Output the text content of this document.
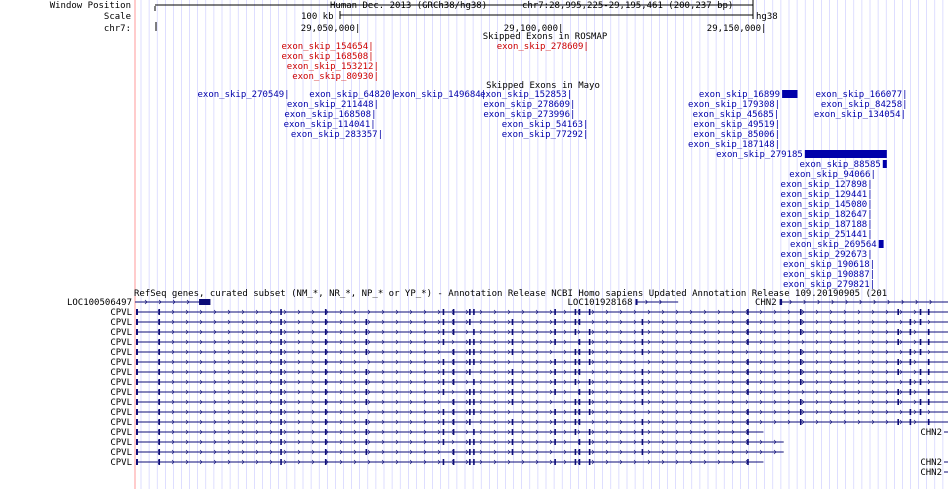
Window Position
Scale
chr7:
Human Dec. 2013 (GRCh38/hg38)	chr7:28,995,225-29,195,461 (200,237 bp)
100 kb	hg38
29,050,000|	29,100,000|	29,150,000|
Skipped Exons in ROSMAP
exon_skip_154654|	exon_skip_278609|
exon_skip_168508|
exon_skip_153212|
exon_skip_80930|
Skipped Exons in Mayo
exon_skip_270549| exon_skip_64820|
exon_skip_149684|
exon_skip_152853|	exon_skip_16899	exon_skip_166077|
exon_skip_211448|	exon_skip_278609|	exon_skip_179308|	exon_skip_84258|
exon_skip_168508|	exon_skip_273996|	exon_skip_45685|	exon_skip_134054|
exon_skip_114041|	exon_skip_54163|	exon_skip_49519|
exon_skip_283357|	exon_skip_77292|	exon_skip_85006|
exon_skip_187148|
exon_skip_279185
exon_skip_88585
exon_skip_94066|
exon_skip_127898|
exon_skip_129441|
exon_skip_145080|
exon_skip_182647|
exon_skip_187188|
exon_skip_251441|
exon_skip_269564
exon_skip_292673|
exon_skip_190618|
exon_skip_190887|
exon_skip_279821|
RefSeq genes, curated subset (NM_*, NR_*, NP_* or YP_*) - Annotation Release NCBI Homo sapiens Updated Annotation Release 109.20190905 (201
LOC100506497	LOC101928168	CHN2
CPVL
CPVL
CPVL
CPVL
CPVL
CPVL
CPVL
CPVL
CPVL
CPVL
CPVL
CPVL
CPVL	CHN2
CPVL
CPVL
CPVL	CHN2
CHN2
